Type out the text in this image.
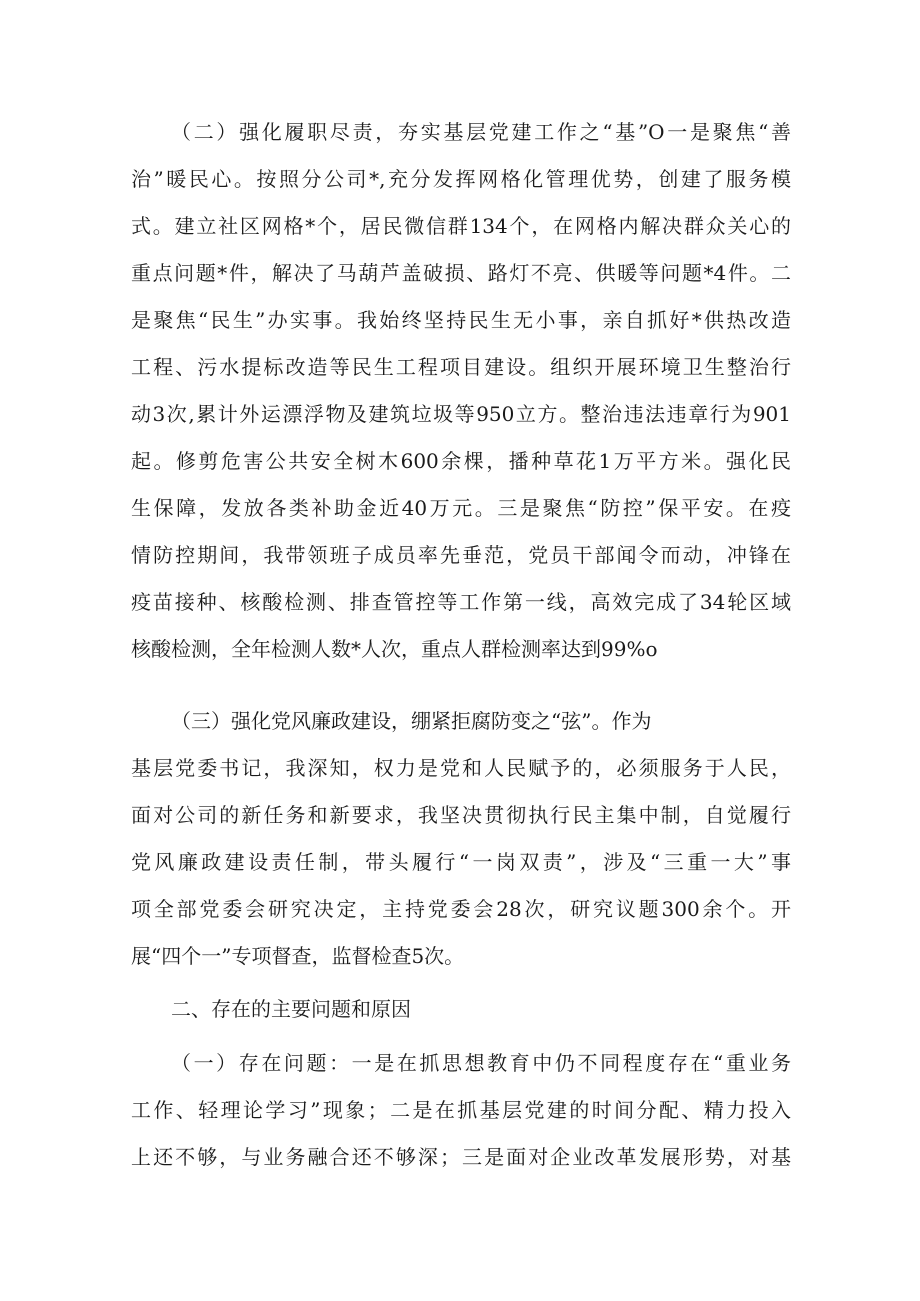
（二）强化履职尽责，夯实基层党建工作之“基”O一是聚焦“善
治”暖民心。按照分公司*,充分发挥网格化管理优势，创建了服务模
式。建立社区网格*个，居民微信群134个，在网格内解决群众关心的
重点问题*件，解决了马葫芦盖破损、路灯不亮、供暖等问题*4件。二
是聚焦“民生”办实事。我始终坚持民生无小事，亲自抓好*供热改造
工程、污水提标改造等民生工程项目建设。组织开展环境卫生整治行
动3次,累计外运漂浮物及建筑垃圾等950立方。整治违法违章行为901
起。修剪危害公共安全树木600余棵，播种草花1万平方米。强化民
生保障，发放各类补助金近40万元。三是聚焦“防控”保平安。在疫
情防控期间，我带领班子成员率先垂范，党员干部闻令而动，冲锋在
疫苗接种、核酸检测、排查管控等工作第一线，高效完成了34轮区域
核酸检测，全年检测人数*人次，重点人群检测率达到99%o
（三）强化党风廉政建设，绷紧拒腐防变之“弦”。作为
基层党委书记，我深知，权力是党和人民赋予的，必须服务于人民，
面对公司的新任务和新要求，我坚决贯彻执行民主集中制，自觉履行
党风廉政建设责任制，带头履行“一岗双责”，涉及“三重一大”事
项全部党委会研究决定，主持党委会28次，研究议题300余个。开
展“四个一”专项督查，监督检查5次。
二、存在的主要问题和原因
（一）存在问题：一是在抓思想教育中仍不同程度存在“重业务
工作、轻理论学习”现象；二是在抓基层党建的时间分配、精力投入
上还不够，与业务融合还不够深；三是面对企业改革发展形势，对基
